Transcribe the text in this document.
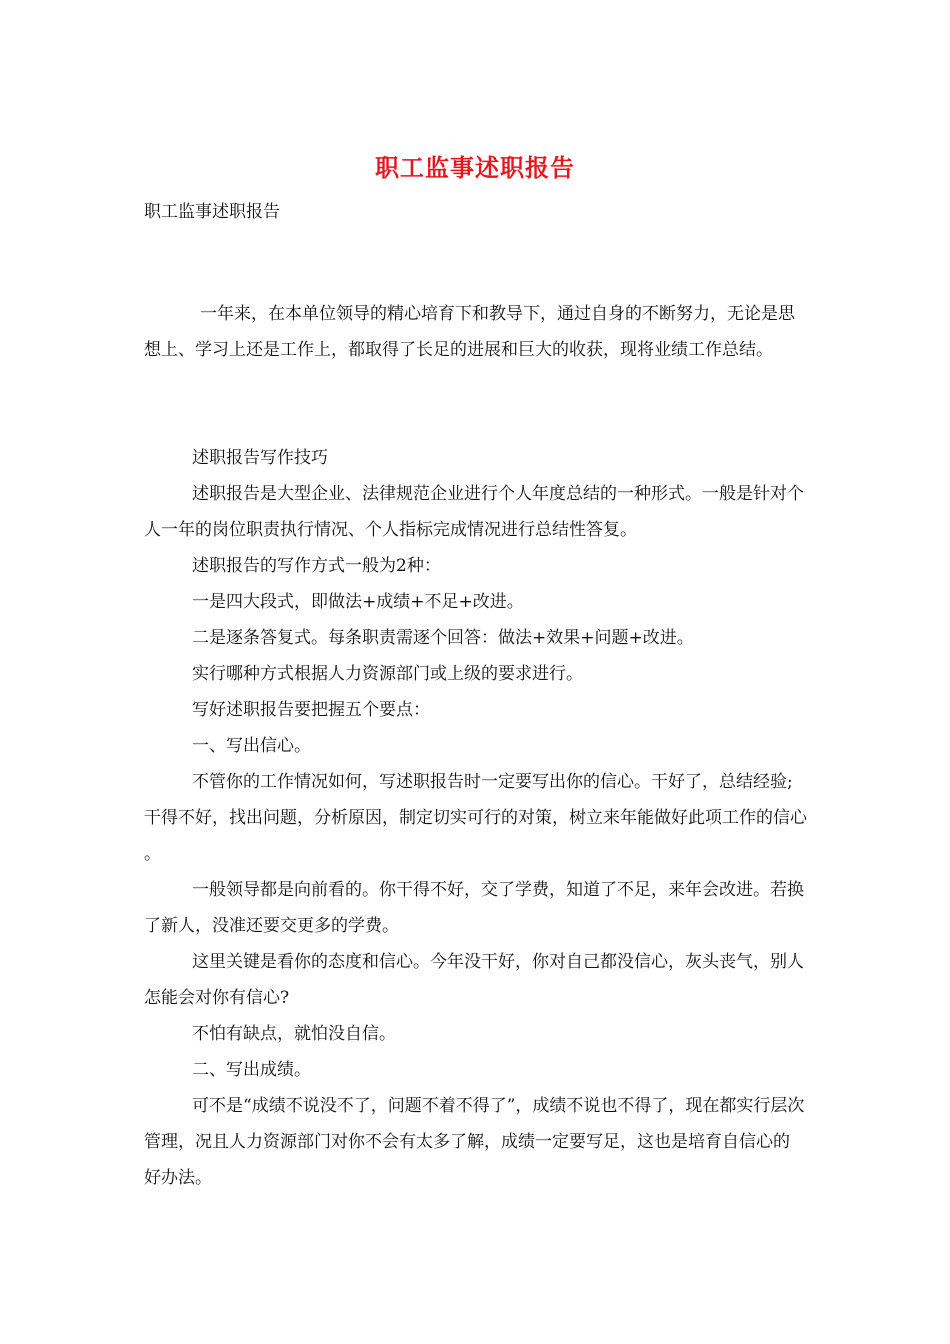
职工监事述职报告
职工监事述职报告

一年来，在本单位领导的精心培育下和教导下，通过自身的不断努力，无论是思想上、学习上还是工作上，都取得了长足的进展和巨大的收获，现将业绩工作总结。

述职报告写作技巧

述职报告是大型企业、法律规范企业进行个人年度总结的一种形式。一般是针对个人一年的岗位职责执行情况、个人指标完成情况进行总结性答复。

述职报告的写作方式一般为2种：

一是四大段式，即做法+成绩+不足+改进。

二是逐条答复式。每条职责需逐个回答：做法+效果+问题+改进。

实行哪种方式根据人力资源部门或上级的要求进行。

写好述职报告要把握五个要点：

一、写出信心。

不管你的工作情况如何，写述职报告时一定要写出你的信心。干好了，总结经验;干得不好，找出问题，分析原因，制定切实可行的对策，树立来年能做好此项工作的信心 。

一般领导都是向前看的。你干得不好，交了学费，知道了不足，来年会改进。若换了新人，没准还要交更多的学费。

这里关键是看你的态度和信心。今年没干好，你对自己都没信心，灰头丧气，别人怎能会对你有信心?

不怕有缺点，就怕没自信。

二、写出成绩。

可不是“成绩不说没不了，问题不着不得了”，成绩不说也不得了，现在都实行层次管理，况且人力资源部门对你不会有太多了解，成绩一定要写足，这也是培育自信心的 好办法。
